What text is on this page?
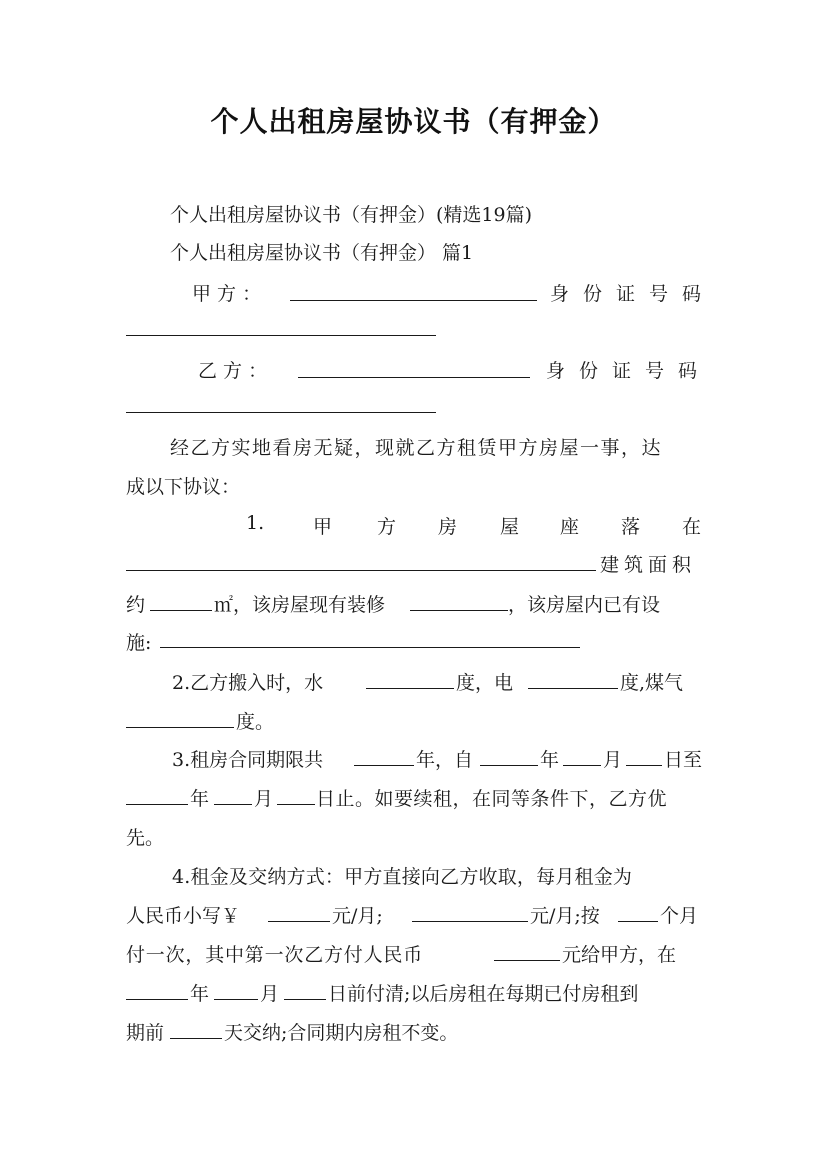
个人出租房屋协议书（有押金）
个人出租房屋协议书（有押金）(精选19篇)
个人出租房屋协议书（有押金） 篇1
甲 方 ：	身份证号码
乙 方 ：	身份证号码
经乙方实地看房无疑，现就乙方租赁甲方房屋一事，达
成以下协议：
1.	甲 方 房 屋 座 落 在
建筑面积
约	㎡，该房屋现有装修	，该房屋内已有设
施:
2.乙方搬入时，水	度，电	度,煤气
度。
3.租房合同期限共	年，自	年 月 日至
年 月 日止。如要续租，在同等条件下，乙方优
先。
4.租金及交纳方式：甲方直接向乙方收取，每月租金为
人民币小写￥	元/月;	元/月;按	个月
付一次，其中第一次乙方付人民币	元给甲方，在
年	月	日前付清;以后房租在每期已付房租到
期前	天交纳;合同期内房租不变。
